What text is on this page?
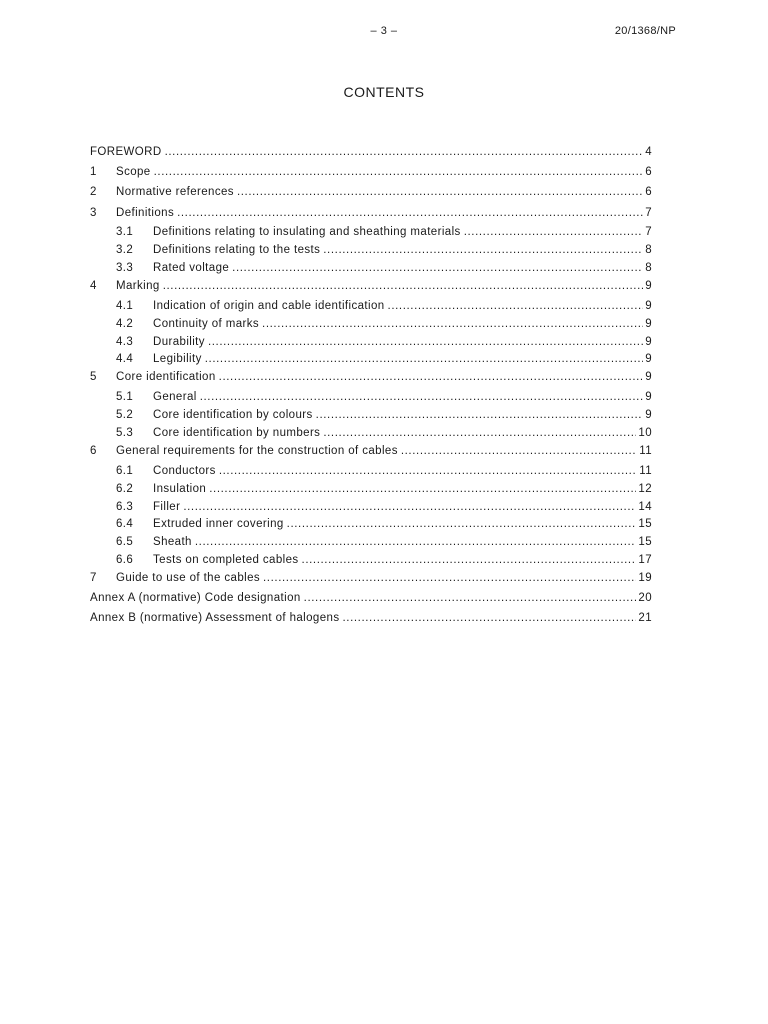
– 3 –	20/1368/NP
CONTENTS
FOREWORD .....	4
1	Scope .....	6
2	Normative references .....	6
3	Definitions .....	7
3.1	Definitions relating to insulating and sheathing materials .....	7
3.2	Definitions relating to the tests .....	8
3.3	Rated voltage .....	8
4	Marking .....	9
4.1	Indication of origin and cable identification .....	9
4.2	Continuity of marks .....	9
4.3	Durability .....	9
4.4	Legibility .....	9
5	Core identification .....	9
5.1	General .....	9
5.2	Core identification by colours .....	9
5.3	Core identification by numbers .....	10
6	General requirements for the construction of cables .....	11
6.1	Conductors .....	11
6.2	Insulation .....	12
6.3	Filler .....	14
6.4	Extruded inner covering .....	15
6.5	Sheath .....	15
6.6	Tests on completed cables .....	17
7	Guide to use of the cables .....	19
Annex A (normative) Code designation .....	20
Annex B (normative) Assessment of halogens .....	21
